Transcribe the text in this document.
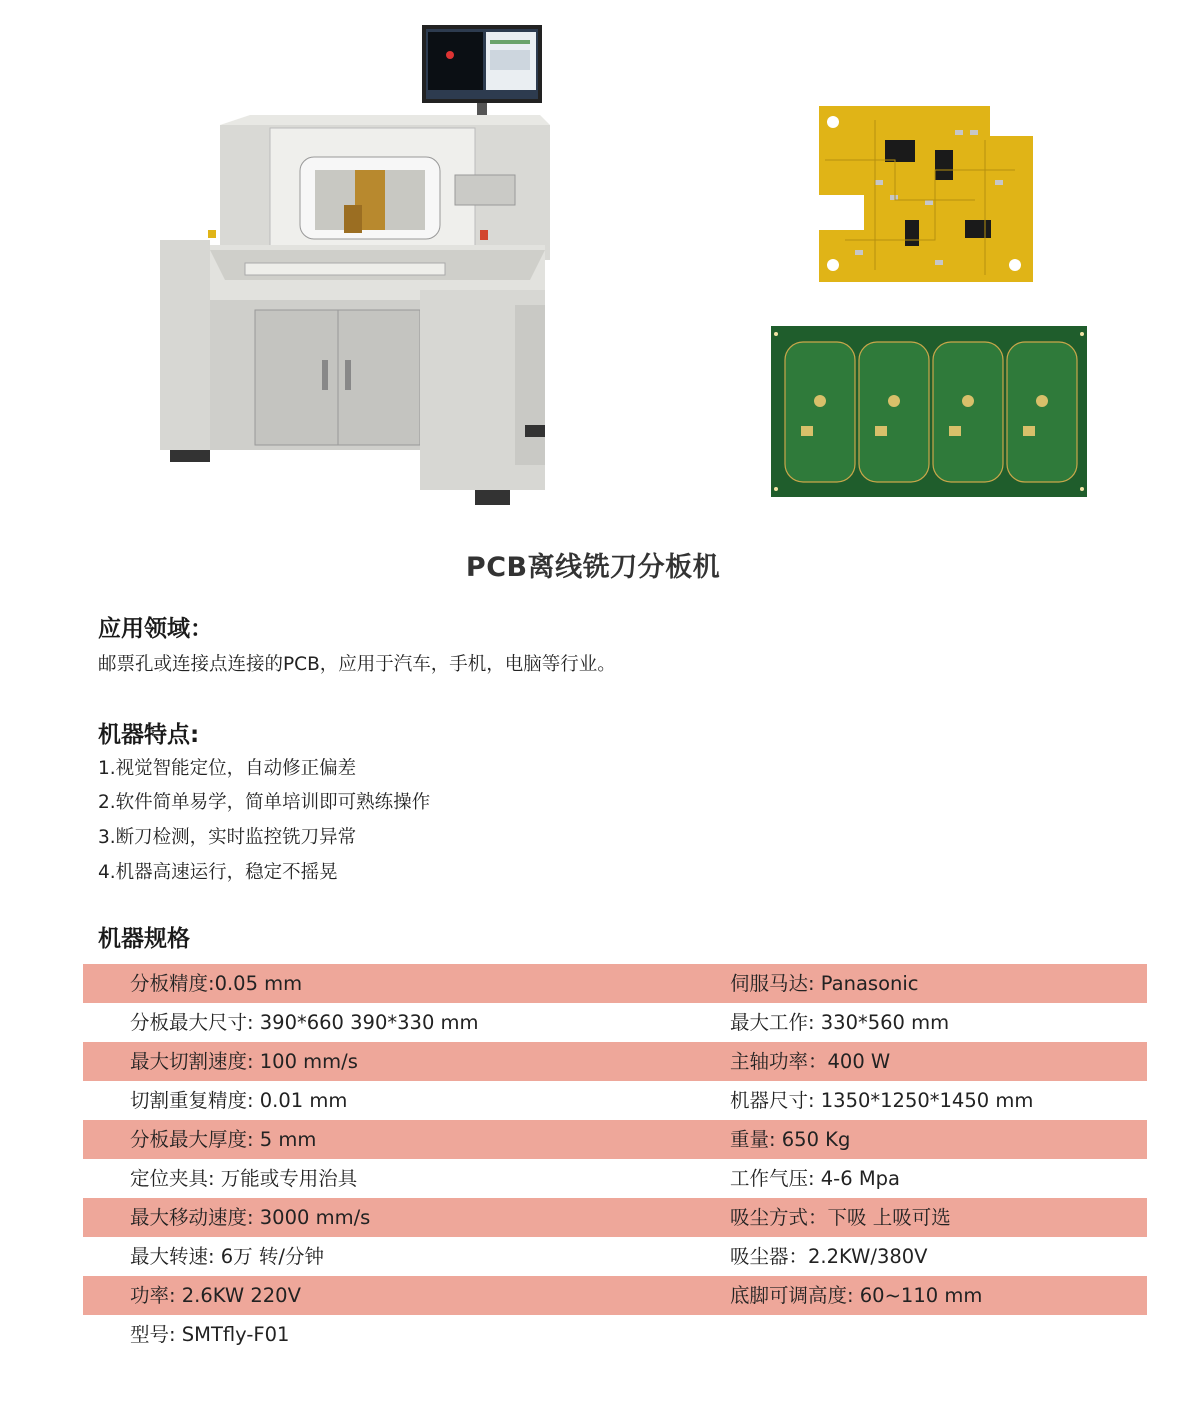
PCB离线铣刀分板机
应用领域：
邮票孔或连接点连接的PCB，应用于汽车，手机，电脑等行业。
机器特点:
1.视觉智能定位，自动修正偏差
2.软件简单易学，简单培训即可熟练操作
3.断刀检测，实时监控铣刀异常
4.机器高速运行，稳定不摇晃
机器规格
分板精度:0.05 mm	伺服马达: Panasonic
分板最大尺寸: 390*660 390*330 mm	最大工作: 330*560 mm
最大切割速度: 100 mm/s	主轴功率：400 W
切割重复精度: 0.01 mm	机器尺寸: 1350*1250*1450 mm
分板最大厚度: 5 mm	重量: 650 Kg
定位夹具: 万能或专用治具	工作气压: 4-6 Mpa
最大移动速度: 3000 mm/s	吸尘方式：下吸 上吸可选
最大转速: 6万 转/分钟	吸尘器：2.2KW/380V
功率: 2.6KW 220V	底脚可调高度: 60~110 mm
型号: SMTfly-F01
